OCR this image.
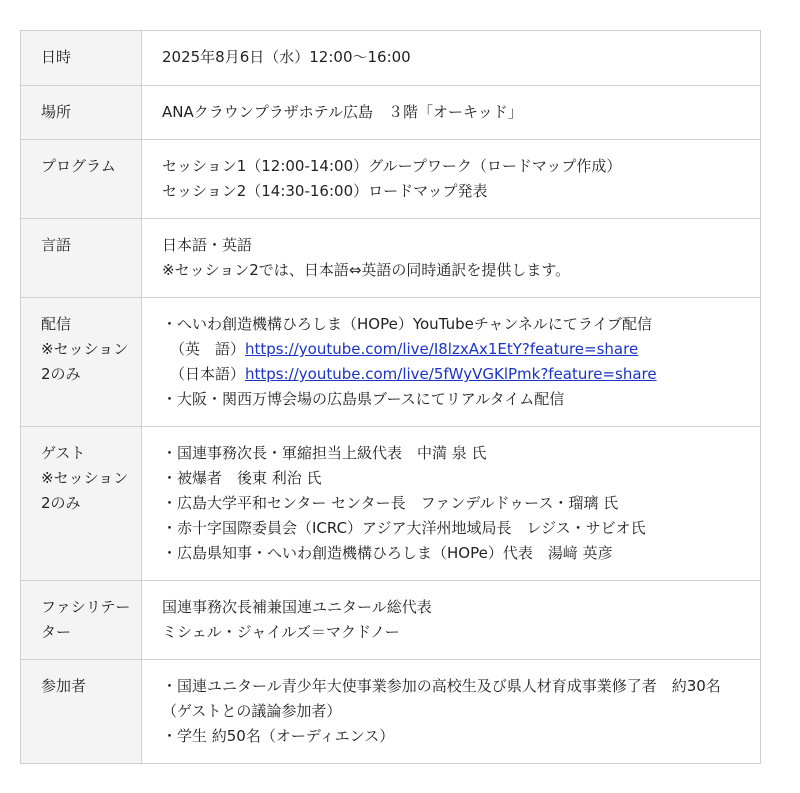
日時	2025年8月6日（水）12:00〜16:00

場所	ANAクラウンプラザホテル広島　３階「オーキッド」

プログラム	セッション1（12:00-14:00）グループワーク（ロードマップ作成）
セッション2（14:30-16:00）ロードマップ発表

言語	日本語・英語
※セッション2では、日本語⇔英語の同時通訳を提供します。

配信
※セッション2のみ	・へいわ創造機構ひろしま（HOPe）YouTubeチャンネルにてライブ配信
（英　語）https://youtube.com/live/I8lzxAx1EtY?feature=share
（日本語）https://youtube.com/live/5fWyVGKlPmk?feature=share
・大阪・関西万博会場の広島県ブースにてリアルタイム配信

ゲスト
※セッション2のみ	・国連事務次長・軍縮担当上級代表　中満 泉 氏
・被爆者　後東 利治 氏
・広島大学平和センター センター長　ファンデルドゥース・瑠璃 氏
・赤十字国際委員会（ICRC）アジア大洋州地域局長　レジス・サビオ氏
・広島県知事・へいわ創造機構ひろしま（HOPe）代表　湯﨑 英彦

ファシリテーター	国連事務次長補兼国連ユニタール総代表
ミシェル・ジャイルズ＝マクドノー

参加者	・国連ユニタール青少年大使事業参加の高校生及び県人材育成事業修了者　約30名（ゲストとの議論参加者）
・学生 約50名（オーディエンス）
